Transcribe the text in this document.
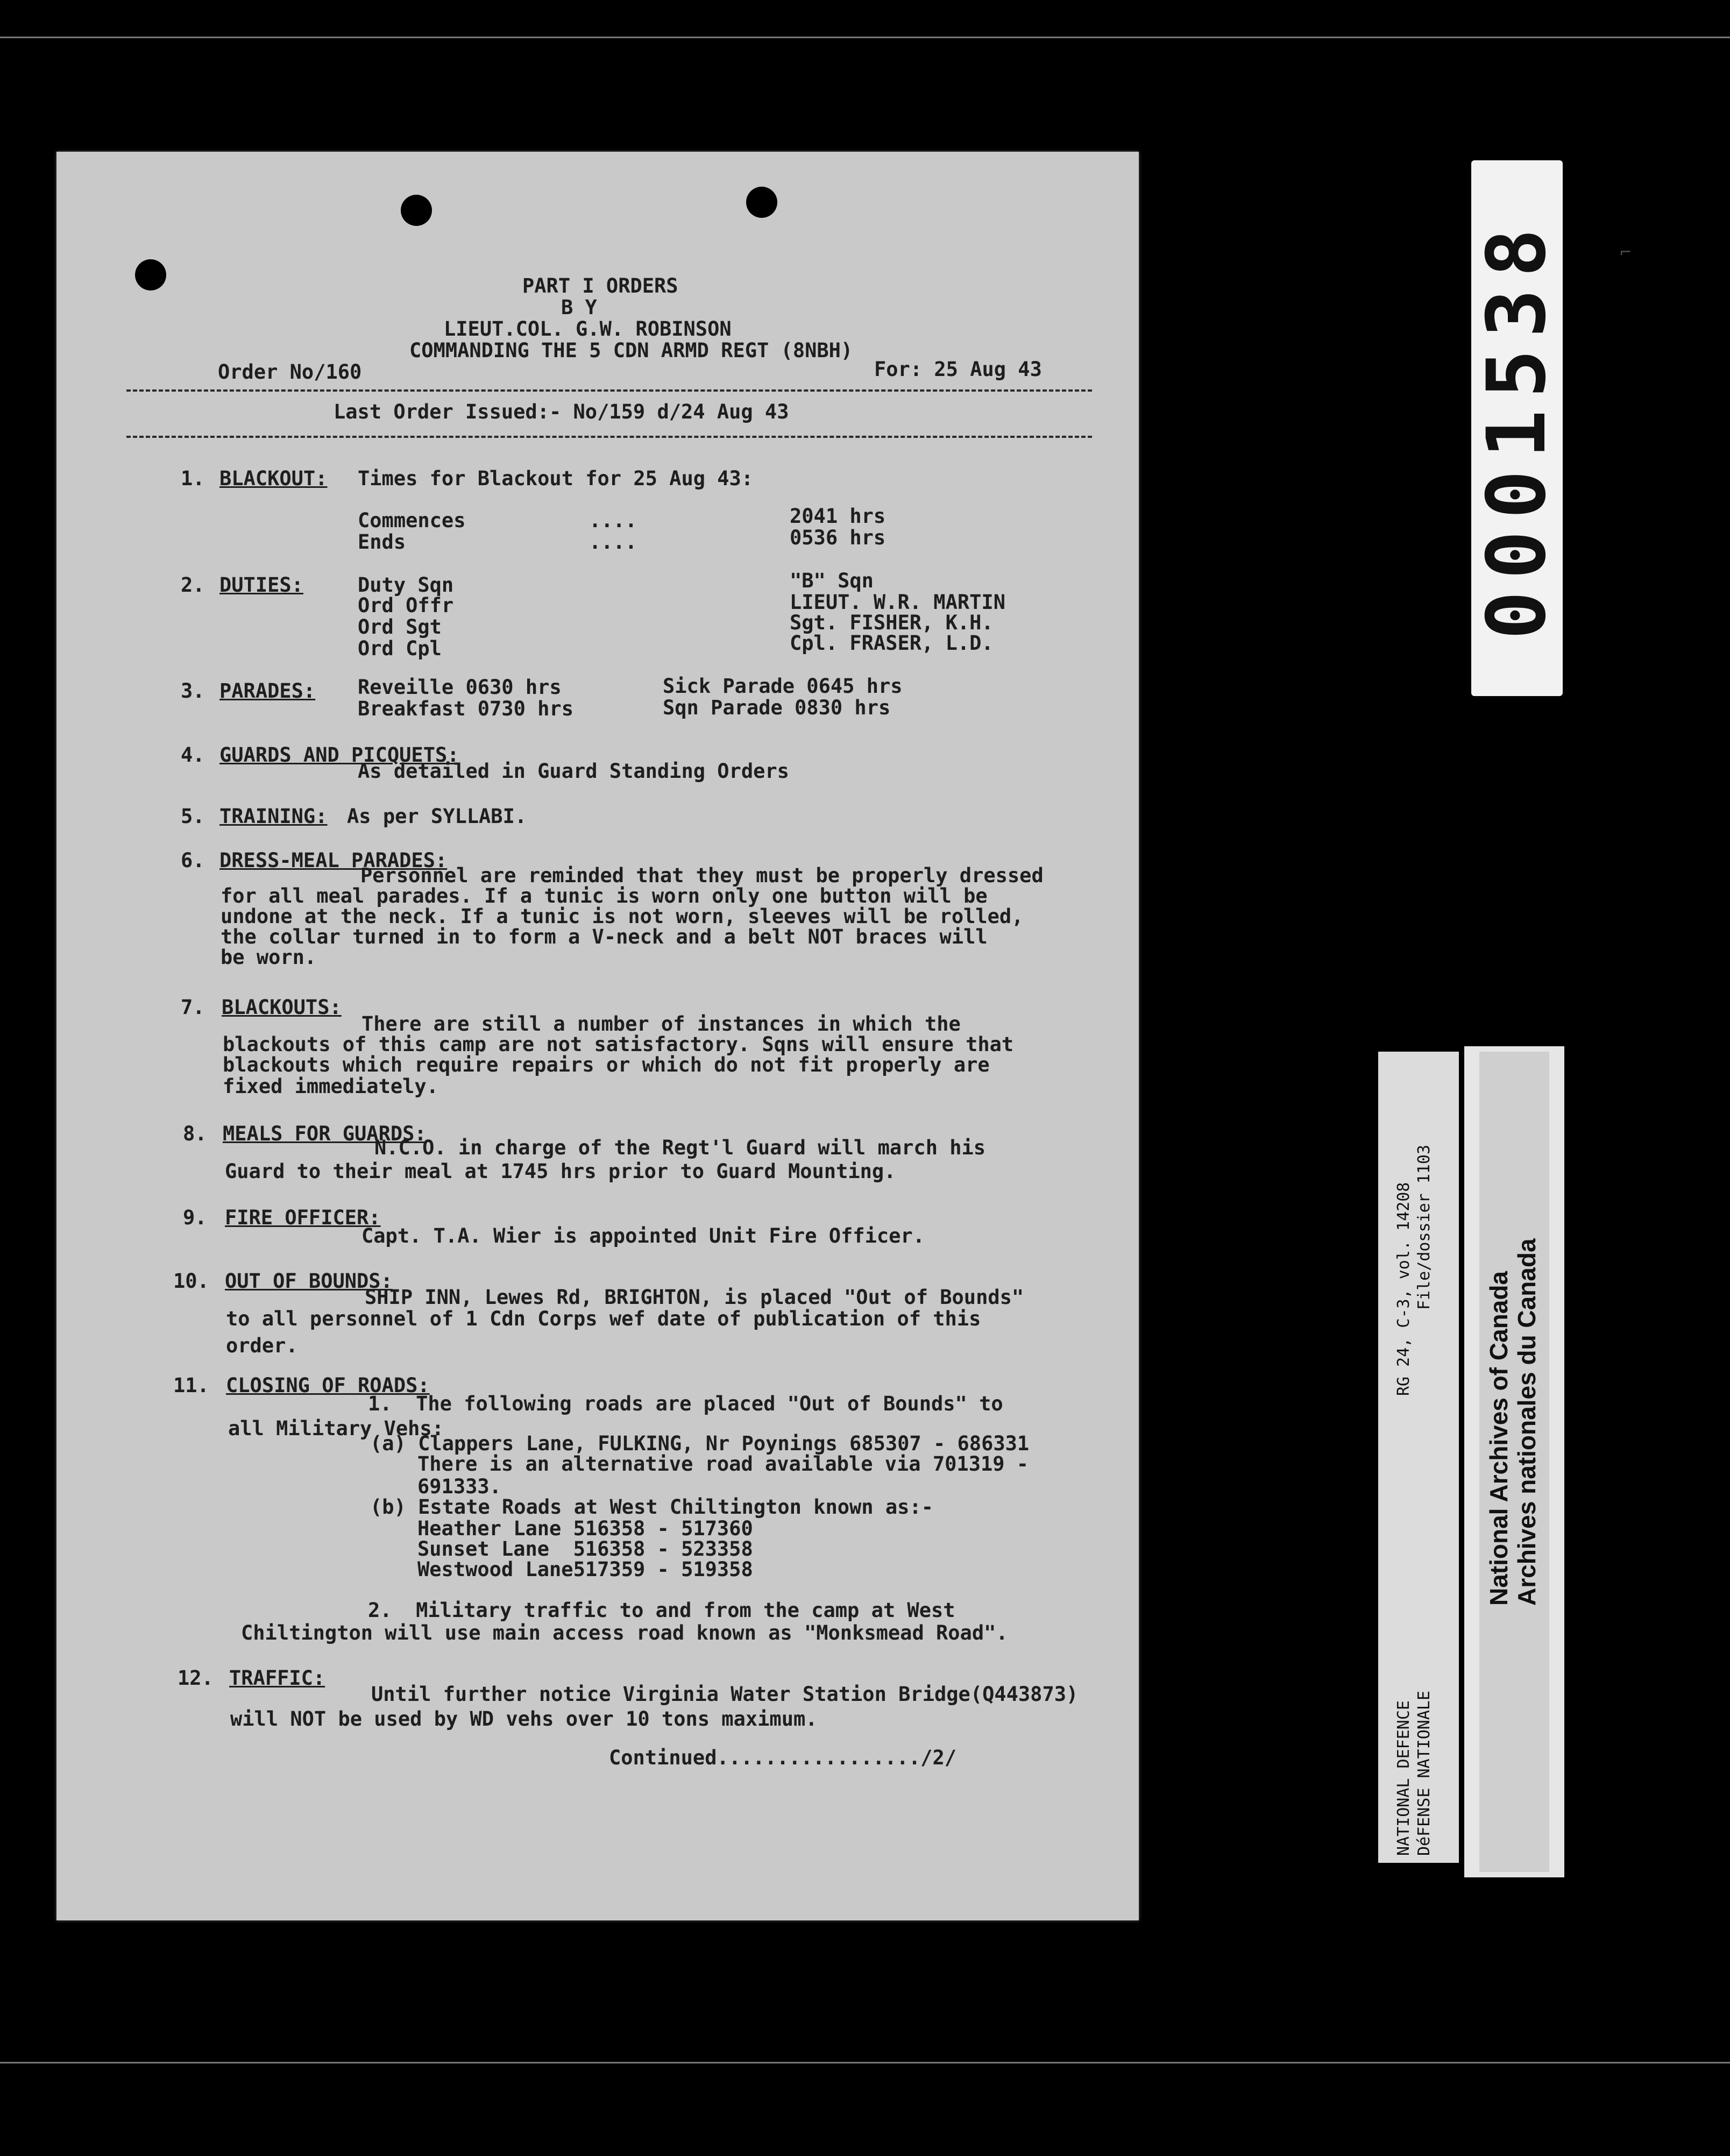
PART I ORDERS
B Y
LIEUT.COL. G.W. ROBINSON
COMMANDING THE 5 CDN ARMD REGT (8NBH)
Order No/160	For: 25 Aug 43
Last Order Issued:- No/159 d/24 Aug 43
1. BLACKOUT: Times for Blackout for 25 Aug 43:
Commences	....	2041 hrs
Ends	....	0536 hrs
2. DUTIES:	Duty Sqn	"B" Sqn
Ord Offr	LIEUT. W.R. MARTIN
Ord Sgt	Sgt. FISHER, K.H.
Ord Cpl	Cpl. FRASER, L.D.
3. PARADES: Reveille 0630 hrs	Sick Parade 0645 hrs
Breakfast 0730 hrs	Sqn Parade 0830 hrs
4. GUARDS AND PICQUETS:
As detailed in Guard Standing Orders
5. TRAINING: As per SYLLABI.
6. DRESS-MEAL PARADES:
Personnel are reminded that they must be properly dressed
for all meal parades. If a tunic is worn only one button will be
undone at the neck. If a tunic is not worn, sleeves will be rolled,
the collar turned in to form a V-neck and a belt NOT braces will
be worn.
7. BLACKOUTS:
There are still a number of instances in which the
blackouts of this camp are not satisfactory. Sqns will ensure that
blackouts which require repairs or which do not fit properly are
fixed immediately.
8. MEALS FOR GUARDS:
N.C.O. in charge of the Regt'l Guard will march his
Guard to their meal at 1745 hrs prior to Guard Mounting.
9. FIRE OFFICER:
Capt. T.A. Wier is appointed Unit Fire Officer.
10. OUT OF BOUNDS:
SHIP INN, Lewes Rd, BRIGHTON, is placed "Out of Bounds"
to all personnel of 1 Cdn Corps wef date of publication of this
order.
11. CLOSING OF ROADS:
1.  The following roads are placed "Out of Bounds" to
all Military Vehs:
(a) Clappers Lane, FULKING, Nr Poynings 685307 - 686331
There is an alternative road available via 701319 -
691333.
(b) Estate Roads at West Chiltington known as:-
Heather Lane 516358 - 517360
Sunset Lane  516358 - 523358
Westwood Lane517359 - 519358
2.  Military traffic to and from the camp at West
Chiltington will use main access road known as "Monksmead Road".
12. TRAFFIC:
Until further notice Virginia Water Station Bridge(Q443873)
will NOT be used by WD vehs over 10 tons maximum.
Continued................./2/
0001538	⌐
RG 24, C-3, vol. 14208 File/dossier 1103
NATIONAL DEFENCE DéFENSE NATIONALE
National Archives of Canada Archives nationales du Canada
